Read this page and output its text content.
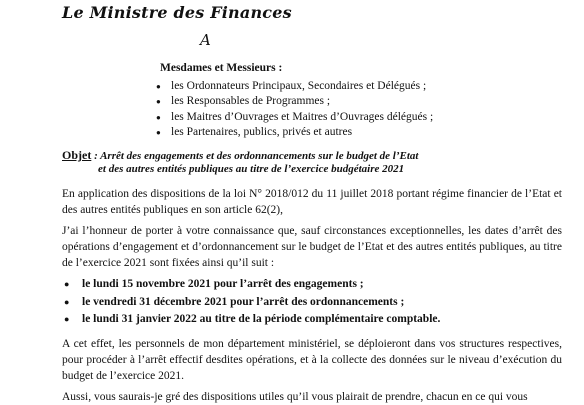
Le Ministre des Finances
A
Mesdames et Messieurs :
● les Ordonnateurs Principaux, Secondaires et Délégués ;
● les Responsables de Programmes ;
● les Maitres d’Ouvrages et Maitres d’Ouvrages délégués ;
● les Partenaires, publics, privés et autres
Objet : Arrêt des engagements et des ordonnancements sur le budget de l’Etat
et des autres entités publiques au titre de l’exercice budgétaire 2021

En application des dispositions de la loi N° 2018/012 du 11 juillet 2018 portant régime financier de l’Etat et des autres entités publiques en son article 62(2),

J’ai l’honneur de porter à votre connaissance que, sauf circonstances exceptionnelles, les dates d’arrêt des opérations d’engagement et d’ordonnancement sur le budget de l’Etat et des autres entités publiques, au titre de l’exercice 2021 sont fixées ainsi qu’il suit :

● le lundi 15 novembre 2021 pour l’arrêt des engagements ;
● le vendredi 31 décembre 2021 pour l’arrêt des ordonnancements ;
● le lundi 31 janvier 2022 au titre de la période complémentaire comptable.

A cet effet, les personnels de mon département ministériel, se déploieront dans vos structures respectives, pour procéder à l’arrêt effectif desdites opérations, et à la collecte des données sur le niveau d’exécution du budget de l’exercice 2021.

Aussi, vous saurais-je gré des dispositions utiles qu’il vous plairait de prendre, chacun en ce qui vous
